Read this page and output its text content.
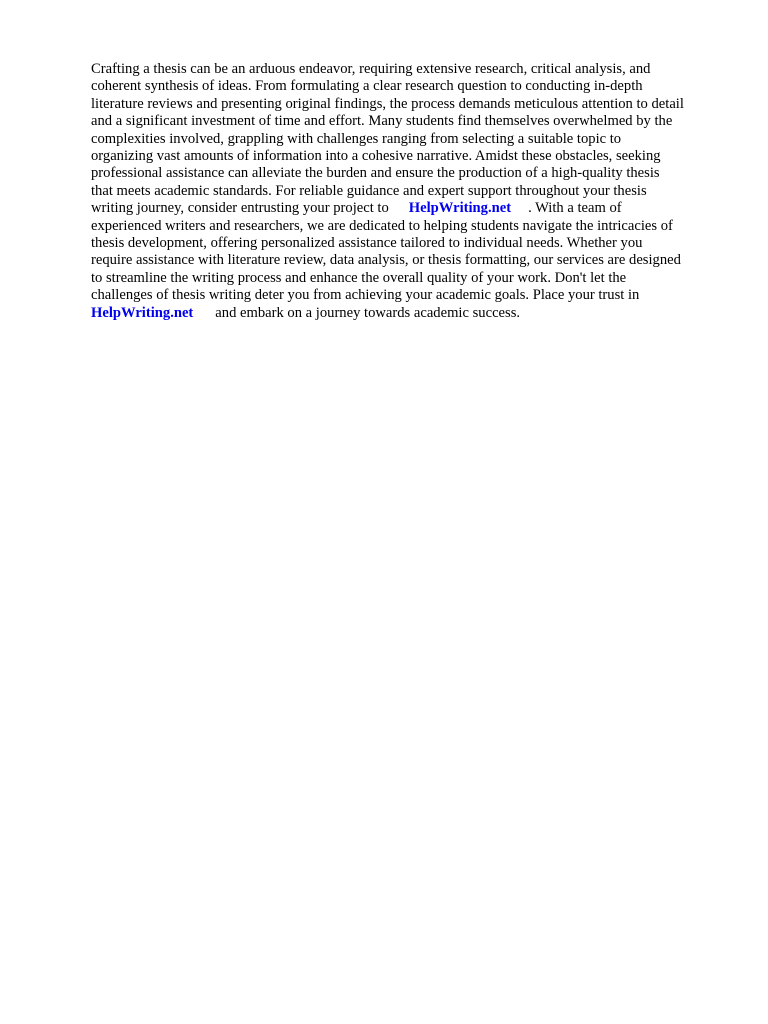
Crafting a thesis can be an arduous endeavor, requiring extensive research, critical analysis, and
coherent synthesis of ideas. From formulating a clear research question to conducting in-depth
literature reviews and presenting original findings, the process demands meticulous attention to detail
and a significant investment of time and effort. Many students find themselves overwhelmed by the
complexities involved, grappling with challenges ranging from selecting a suitable topic to
organizing vast amounts of information into a cohesive narrative. Amidst these obstacles, seeking
professional assistance can alleviate the burden and ensure the production of a high-quality thesis
that meets academic standards. For reliable guidance and expert support throughout your thesis
writing journey, consider entrusting your project to HelpWriting.net . With a team of
experienced writers and researchers, we are dedicated to helping students navigate the intricacies of
thesis development, offering personalized assistance tailored to individual needs. Whether you
require assistance with literature review, data analysis, or thesis formatting, our services are designed
to streamline the writing process and enhance the overall quality of your work. Don't let the
challenges of thesis writing deter you from achieving your academic goals. Place your trust in
HelpWriting.net and embark on a journey towards academic success.
